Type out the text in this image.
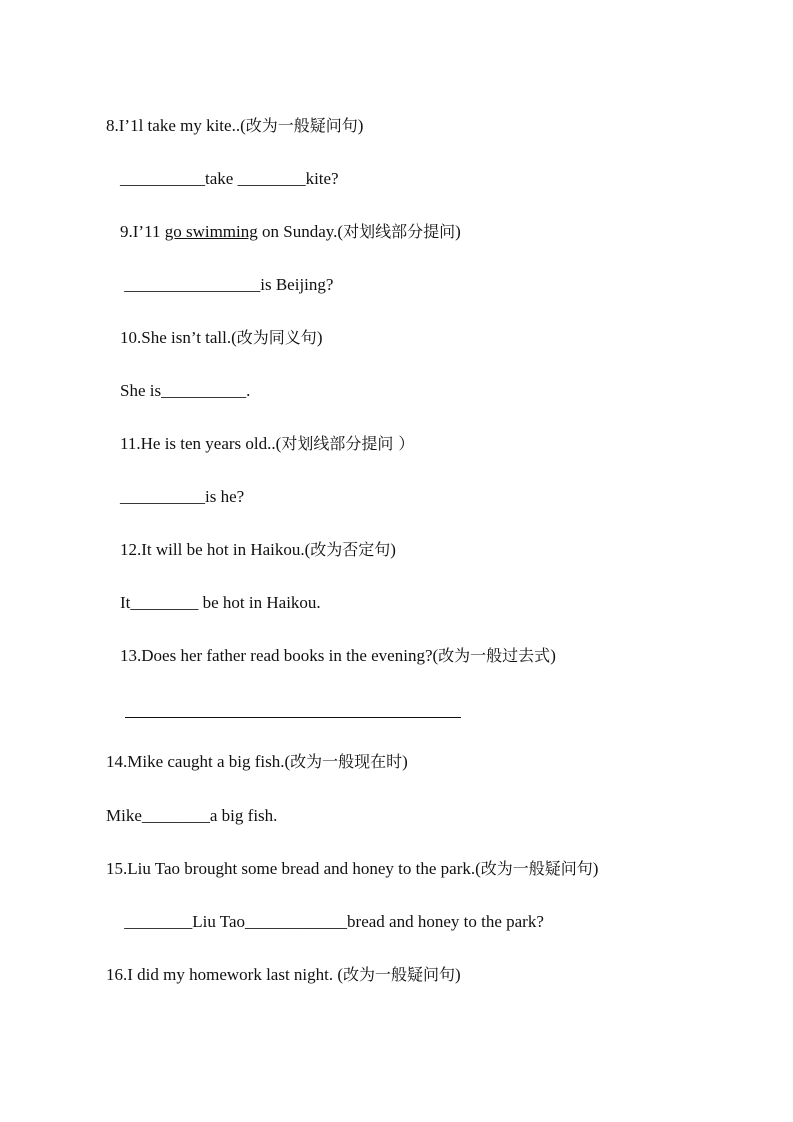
8.I’1l take my kite..(改为一般疑问句)
__________take ________kite?
9.I’11 go swimming on Sunday.(对划线部分提问)
________________is Beijing?
10.She isn’t tall.(改为同义句)
She is__________.
11.He is ten years old..(对划线部分提问 ）
__________is he?
12.It will be hot in Haikou.(改为否定句)
It________ be hot in Haikou.
13.Does her father read books in the evening?(改为一般过去式)
14.Mike caught a big fish.(改为一般现在时)
Mike________a big fish.
15.Liu Tao brought some bread and honey to the park.(改为一般疑问句)
________Liu Tao____________bread and honey to the park?
16.I did my homework last night. (改为一般疑问句)
